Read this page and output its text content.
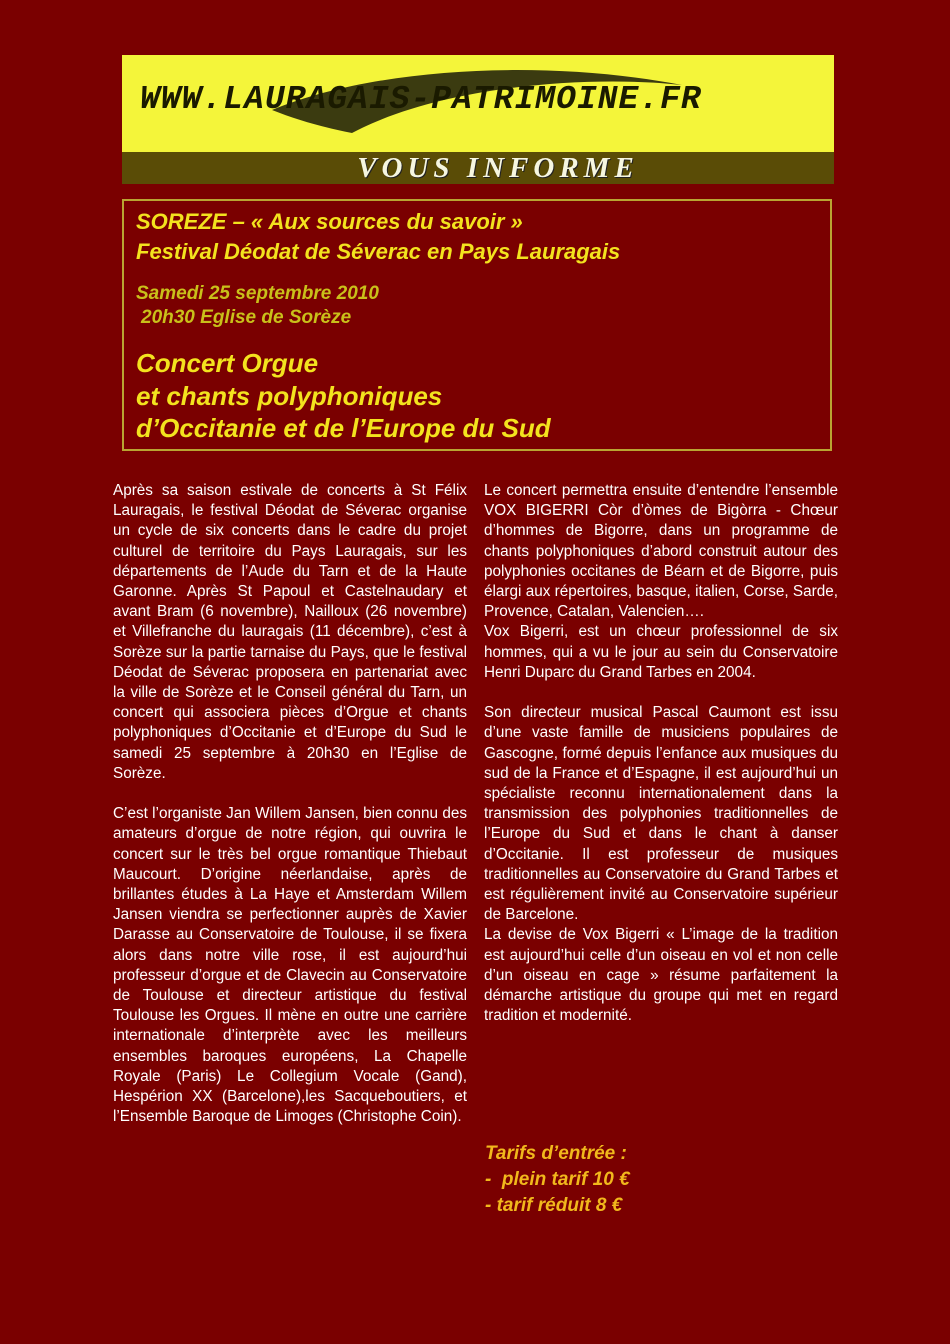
WWW.LAURAGAIS-PATRIMOINE.FR
VOUS INFORME
SOREZE – « Aux sources du savoir »
Festival Déodat de Séverac en Pays Lauragais
Samedi 25 septembre 2010
20h30 Eglise de Sorèze
Concert Orgue
et chants polyphoniques
d’Occitanie et de l’Europe du Sud

Après sa saison estivale de concerts à St Félix Lauragais, le festival Déodat de Séverac organise un cycle de six concerts dans le cadre du projet culturel de territoire du Pays Lauragais, sur les départements de l’Aude du Tarn et de la Haute Garonne. Après St Papoul et Castelnaudary et avant Bram (6 novembre), Nailloux (26 novembre) et Villefranche du lauragais (11 décembre), c’est à Sorèze sur la partie tarnaise du Pays, que le festival Déodat de Séverac proposera en partenariat avec la ville de Sorèze et le Conseil général du Tarn, un concert qui associera pièces d’Orgue et chants polyphoniques d’Occitanie et d’Europe du Sud le samedi 25 septembre à 20h30 en l’Eglise de Sorèze.

C’est l’organiste Jan Willem Jansen, bien connu des amateurs d’orgue de notre région, qui ouvrira le concert sur le très bel orgue romantique Thiebaut Maucourt. D’origine néerlandaise, après de brillantes études à La Haye et Amsterdam Willem Jansen viendra se perfectionner auprès de Xavier Darasse au Conservatoire de Toulouse, il se fixera alors dans notre ville rose, il est aujourd’hui professeur d’orgue et de Clavecin au Conservatoire de Toulouse et directeur artistique du festival Toulouse les Orgues. Il mène en outre une carrière internationale d’interprète avec les meilleurs ensembles baroques européens, La Chapelle Royale (Paris) Le Collegium Vocale (Gand), Hespérion XX (Barcelone),les Sacqueboutiers, et l’Ensemble Baroque de Limoges (Christophe Coin).

Le concert permettra ensuite d’entendre l’ensemble VOX BIGERRI Còr d’òmes de Bigòrra - Chœur d’hommes de Bigorre, dans un programme de chants polyphoniques d’abord construit autour des polyphonies occitanes de Béarn et de Bigorre, puis élargi aux répertoires, basque, italien, Corse, Sarde, Provence, Catalan, Valencien….

Vox Bigerri, est un chœur professionnel de six hommes, qui a vu le jour au sein du Conservatoire Henri Duparc du Grand Tarbes en 2004.

Son directeur musical Pascal Caumont est issu d’une vaste famille de musiciens populaires de Gascogne, formé depuis l’enfance aux musiques du sud de la France et d’Espagne, il est aujourd’hui un spécialiste reconnu internationalement dans la transmission des polyphonies traditionnelles de l’Europe du Sud et dans le chant à danser d’Occitanie. Il est professeur de musiques traditionnelles au Conservatoire du Grand Tarbes et est régulièrement invité au Conservatoire supérieur de Barcelone.

La devise de Vox Bigerri « L’image de la tradition est aujourd’hui celle d’un oiseau en vol et non celle d’un oiseau en cage » résume parfaitement la démarche artistique du groupe qui met en regard tradition et modernité.

Tarifs d’entrée :
-  plein tarif 10 €
- tarif réduit 8 €
